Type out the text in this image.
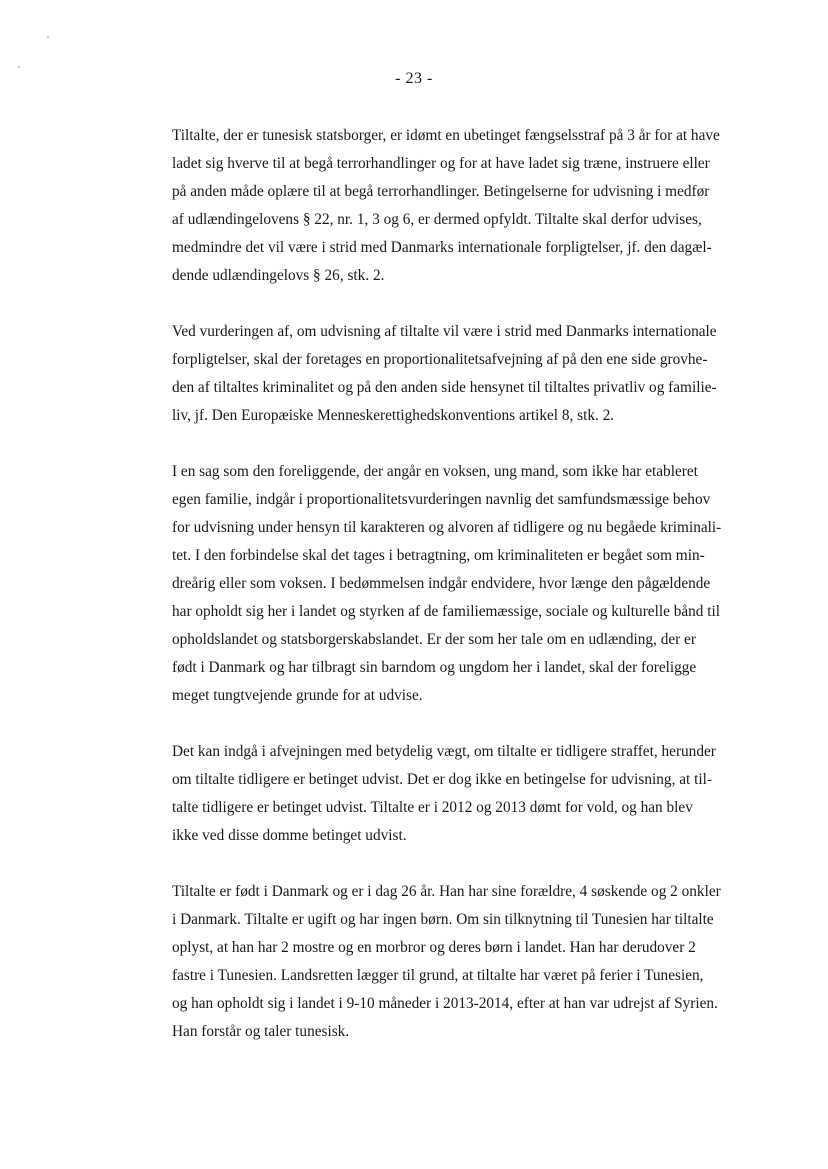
- 23 -

Tiltalte, der er tunesisk statsborger, er idømt en ubetinget fængselsstraf på 3 år for at have
ladet sig hverve til at begå terrorhandlinger og for at have ladet sig træne, instruere eller
på anden måde oplære til at begå terrorhandlinger. Betingelserne for udvisning i medfør
af udlændingelovens § 22, nr. 1, 3 og 6, er dermed opfyldt. Tiltalte skal derfor udvises,
medmindre det vil være i strid med Danmarks internationale forpligtelser, jf. den dagæl-
dende udlændingelovs § 26, stk. 2.

Ved vurderingen af, om udvisning af tiltalte vil være i strid med Danmarks internationale
forpligtelser, skal der foretages en proportionalitetsafvejning af på den ene side grovhe-
den af tiltaltes kriminalitet og på den anden side hensynet til tiltaltes privatliv og familie-
liv, jf. Den Europæiske Menneskerettighedskonventions artikel 8, stk. 2.

I en sag som den foreliggende, der angår en voksen, ung mand, som ikke har etableret
egen familie, indgår i proportionalitetsvurderingen navnlig det samfundsmæssige behov
for udvisning under hensyn til karakteren og alvoren af tidligere og nu begåede kriminali-
tet. I den forbindelse skal det tages i betragtning, om kriminaliteten er begået som min-
dreårig eller som voksen. I bedømmelsen indgår endvidere, hvor længe den pågældende
har opholdt sig her i landet og styrken af de familiemæssige, sociale og kulturelle bånd til
opholdslandet og statsborgerskabslandet. Er der som her tale om en udlænding, der er
født i Danmark og har tilbragt sin barndom og ungdom her i landet, skal der foreligge
meget tungtvejende grunde for at udvise.

Det kan indgå i afvejningen med betydelig vægt, om tiltalte er tidligere straffet, herunder
om tiltalte tidligere er betinget udvist. Det er dog ikke en betingelse for udvisning, at til-
talte tidligere er betinget udvist. Tiltalte er i 2012 og 2013 dømt for vold, og han blev
ikke ved disse domme betinget udvist.

Tiltalte er født i Danmark og er i dag 26 år. Han har sine forældre, 4 søskende og 2 onkler
i Danmark. Tiltalte er ugift og har ingen børn. Om sin tilknytning til Tunesien har tiltalte
oplyst, at han har 2 mostre og en morbror og deres børn i landet. Han har derudover 2
fastre i Tunesien. Landsretten lægger til grund, at tiltalte har været på ferier i Tunesien,
og han opholdt sig i landet i 9-10 måneder i 2013-2014, efter at han var udrejst af Syrien.
Han forstår og taler tunesisk.
